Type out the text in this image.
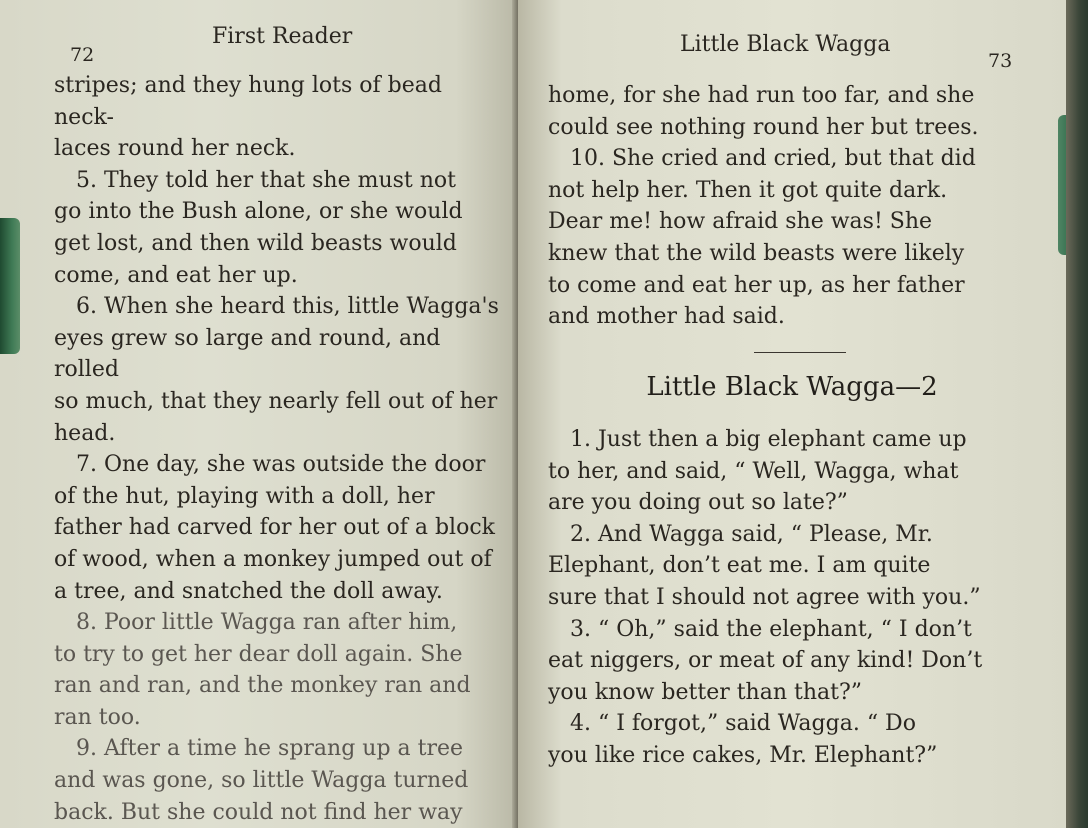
72
First Reader

stripes; and they hung lots of bead neck-

laces round her neck.

5. They told her that she must not

go into the Bush alone, or she would

get lost, and then wild beasts would

come, and eat her up.

6. When she heard this, little Wagga's

eyes grew so large and round, and rolled

so much, that they nearly fell out of her

head.

7. One day, she was outside the door

of the hut, playing with a doll, her

father had carved for her out of a block

of wood, when a monkey jumped out of

a tree, and snatched the doll away.

8. Poor little Wagga ran after him,

to try to get her dear doll again. She

ran and ran, and the monkey ran and

ran too.

9. After a time he sprang up a tree

and was gone, so little Wagga turned

back. But she could not find her way

Little Black Wagga
73

home, for she had run too far, and she

could see nothing round her but trees.

10. She cried and cried, but that did

not help her. Then it got quite dark.

Dear me! how afraid she was! She

knew that the wild beasts were likely

to come and eat her up, as her father

and mother had said.

Little Black Wagga—2

1. Just then a big elephant came up

to her, and said, “ Well, Wagga, what

are you doing out so late?”

2. And Wagga said, “ Please, Mr.

Elephant, don’t eat me. I am quite

sure that I should not agree with you.”

3. “ Oh,” said the elephant, “ I don’t

eat niggers, or meat of any kind! Don’t

you know better than that?”

4. “ I forgot,” said Wagga. “ Do

you like rice cakes, Mr. Elephant?”
